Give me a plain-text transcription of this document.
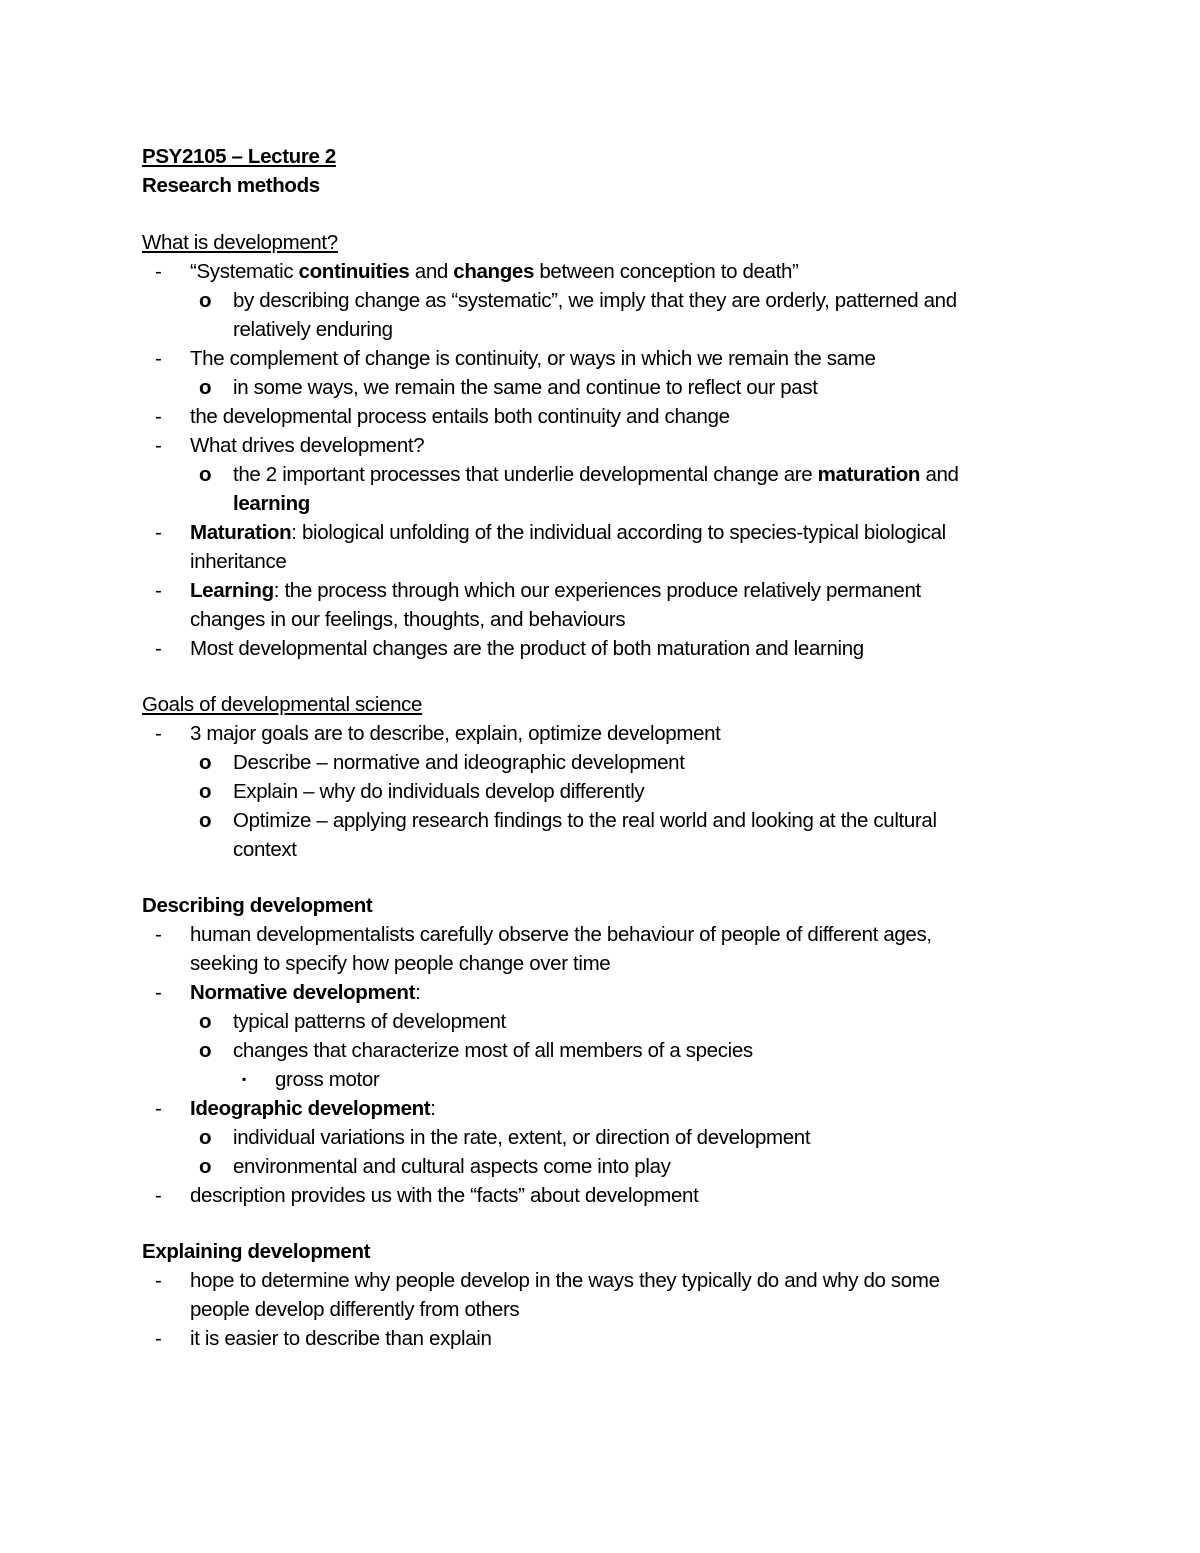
PSY2105 – Lecture 2
Research methods
What is development?
- “Systematic continuities and changes between conception to death”
o by describing change as “systematic”, we imply that they are orderly, patterned and
relatively enduring
- The complement of change is continuity, or ways in which we remain the same
o in some ways, we remain the same and continue to reflect our past
- the developmental process entails both continuity and change
- What drives development?
o the 2 important processes that underlie developmental change are maturation and
learning
- Maturation: biological unfolding of the individual according to species-typical biological
inheritance
- Learning: the process through which our experiences produce relatively permanent
changes in our feelings, thoughts, and behaviours
- Most developmental changes are the product of both maturation and learning
Goals of developmental science
- 3 major goals are to describe, explain, optimize development
o Describe – normative and ideographic development
o Explain – why do individuals develop differently
o Optimize – applying research findings to the real world and looking at the cultural
context
Describing development
- human developmentalists carefully observe the behaviour of people of different ages,
seeking to specify how people change over time
- Normative development:
o typical patterns of development
o changes that characterize most of all members of a species
▪ gross motor
- Ideographic development:
o individual variations in the rate, extent, or direction of development
o environmental and cultural aspects come into play
- description provides us with the “facts” about development
Explaining development
- hope to determine why people develop in the ways they typically do and why do some
people develop differently from others
- it is easier to describe than explain
